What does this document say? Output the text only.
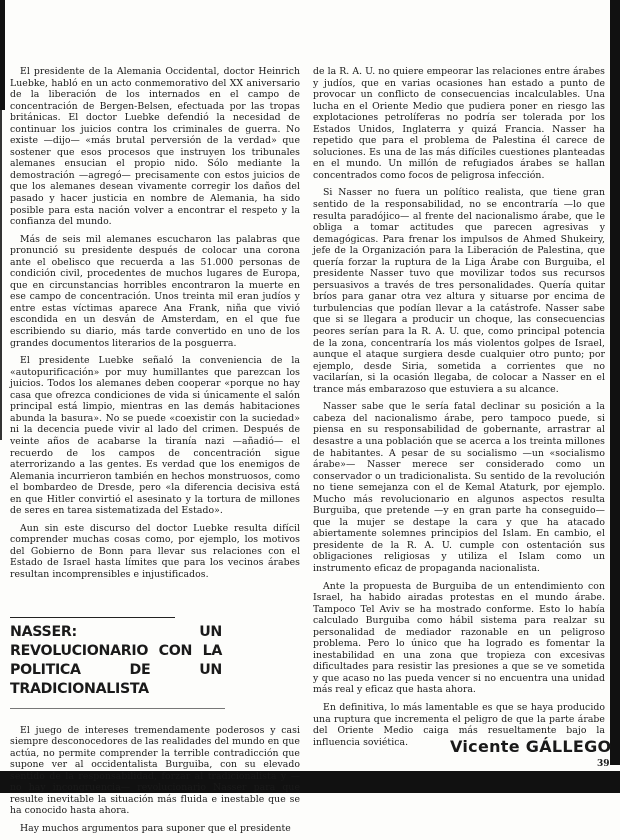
El presidente de la Alemania Occidental, doctor Heinrich Luebke, habló en un acto conmemorativo del XX aniversario de la liberación de los internados en el campo de concentración de Bergen-Belsen, efectuada por las tropas británicas. El doctor Luebke defendió la necesidad de continuar los juicios contra los criminales de guerra. No existe —dijo— «más brutal perversión de la verdad» que sostener que esos procesos que instruyen los tribunales alemanes ensucian el propio nido. Sólo mediante la demostración —agregó— precisamente con estos juicios de que los alemanes desean vivamente corregir los daños del pasado y hacer justicia en nombre de Alemania, ha sido posible para esta nación volver a encontrar el respeto y la confianza del mundo.

Más de seis mil alemanes escucharon las palabras que pronunció su presidente después de colocar una corona ante el obelisco que recuerda a las 51.000 personas de condición civil, procedentes de muchos lugares de Europa, que en circunstancias horribles encontraron la muerte en ese campo de concentración. Unos treinta mil eran judíos y entre estas víctimas aparece Ana Frank, niña que vivió escondida en un desván de Amsterdam, en el que fue escribiendo su diario, más tarde convertido en uno de los grandes documentos literarios de la posguerra.

El presidente Luebke señaló la conveniencia de la «autopurificación» por muy humillantes que parezcan los juicios. Todos los alemanes deben cooperar «porque no hay casa que ofrezca condiciones de vida si únicamente el salón principal está limpio, mientras en las demás habitaciones abunda la basura». No se puede «coexistir con la suciedad» ni la decencia puede vivir al lado del crimen. Después de veinte años de acabarse la tiranía nazi —añadió— el recuerdo de los campos de concentración sigue aterrorizando a las gentes. Es verdad que los enemigos de Alemania incurrieron también en hechos monstruosos, como el bombardeo de Dresde, pero «la diferencia decisiva está en que Hitler convirtió el asesinato y la tortura de millones de seres en tarea sistematizada del Estado».

Aun sin este discurso del doctor Luebke resulta difícil comprender muchas cosas como, por ejemplo, los motivos del Gobierno de Bonn para llevar sus relaciones con el Estado de Israel hasta límites que para los vecinos árabes resultan incomprensibles e injustificados.

NASSER: UN REVOLUCIONARIO CON LA
POLITICA DE UN TRADICIONALISTA

El juego de intereses tremendamente poderosos y casi siempre desconocedores de las realidades del mundo en que actúa, no permite comprender la terrible contradicción que supone ver al occidentalista Burguiba, con su elevado sentido de la responsabilidad, forzar al tradicionalista y —no hay incongruencia— revolucionario Nasser para que resulte inevitable la situación más fluida e inestable que se ha conocido hasta ahora.

Hay muchos argumentos para suponer que el presidente

de la R. A. U. no quiere empeorar las relaciones entre árabes y judíos, que en varias ocasiones han estado a punto de provocar un conflicto de consecuencias incalculables. Una lucha en el Oriente Medio que pudiera poner en riesgo las explotaciones petrolíferas no podría ser tolerada por los Estados Unidos, Inglaterra y quizá Francia. Nasser ha repetido que para el problema de Palestina él carece de soluciones. Es una de las más difíciles cuestiones planteadas en el mundo. Un millón de refugiados árabes se hallan concentrados como focos de peligrosa infección.

Si Nasser no fuera un político realista, que tiene gran sentido de la responsabilidad, no se encontraría —lo que resulta paradójico— al frente del nacionalismo árabe, que le obliga a tomar actitudes que parecen agresivas y demagógicas. Para frenar los impulsos de Ahmed Shukeiry, jefe de la Organización para la Liberación de Palestina, que quería forzar la ruptura de la Liga Árabe con Burguiba, el presidente Nasser tuvo que movilizar todos sus recursos persuasivos a través de tres personalidades. Quería quitar bríos para ganar otra vez altura y situarse por encima de turbulencias que podían llevar a la catástrofe. Nasser sabe que si se llegara a producir un choque, las consecuencias peores serían para la R. A. U. que, como principal potencia de la zona, concentraría los más violentos golpes de Israel, aunque el ataque surgiera desde cualquier otro punto; por ejemplo, desde Siria, sometida a corrientes que no vacilarían, si la ocasión llegaba, de colocar a Nasser en el trance más embarazoso que estuviera a su alcance.

Nasser sabe que le sería fatal declinar su posición a la cabeza del nacionalismo árabe, pero tampoco puede, si piensa en su responsabilidad de gobernante, arrastrar al desastre a una población que se acerca a los treinta millones de habitantes. A pesar de su socialismo —un «socialismo árabe»— Nasser merece ser considerado como un conservador o un tradicionalista. Su sentido de la revolución no tiene semejanza con el de Kemal Ataturk, por ejemplo. Mucho más revolucionario en algunos aspectos resulta Burguiba, que pretende —y en gran parte ha conseguido— que la mujer se destape la cara y que ha atacado abiertamente solemnes principios del Islam. En cambio, el presidente de la R. A. U. cumple con ostentación sus obligaciones religiosas y utiliza el Islam como un instrumento eficaz de propaganda nacionalista.

Ante la propuesta de Burguiba de un entendimiento con Israel, ha habido airadas protestas en el mundo árabe. Tampoco Tel Aviv se ha mostrado conforme. Esto lo había calculado Burguiba como hábil sistema para realzar su personalidad de mediador razonable en un peligroso problema. Pero lo único que ha logrado es fomentar la inestabilidad en una zona que tropieza con excesivas dificultades para resistir las presiones a que se ve sometida y que acaso no las pueda vencer si no encuentra una unidad más real y eficaz que hasta ahora.

En definitiva, lo más lamentable es que se haya producido una ruptura que incrementa el peligro de que la parte árabe del Oriente Medio caiga más resueltamente bajo la influencia soviética.	Vicente GÁLLEGO
39
